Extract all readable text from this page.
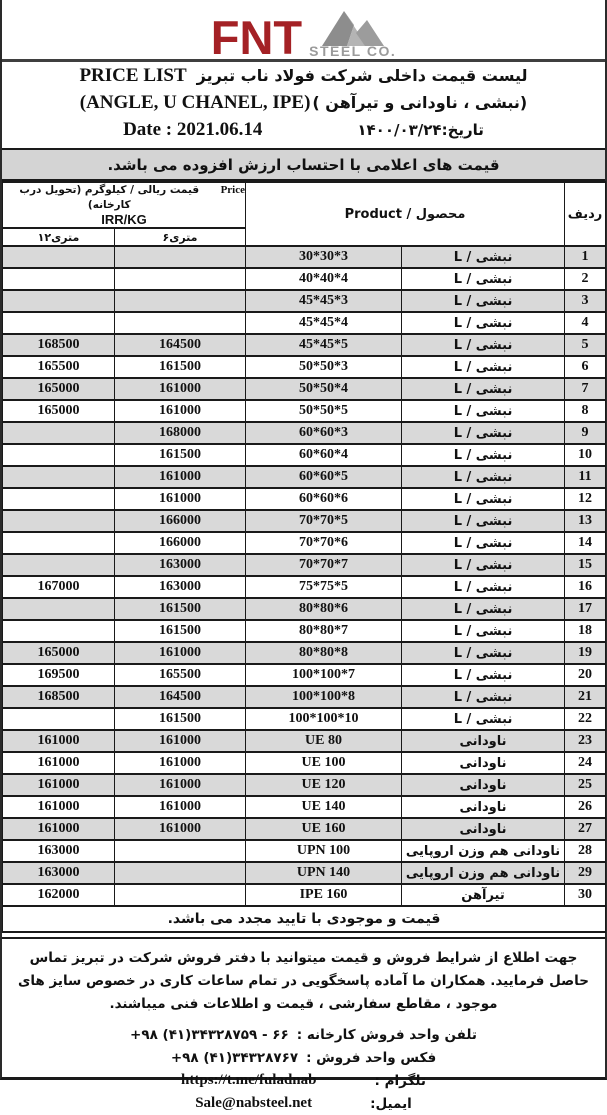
FNT STEEL CO.
PRICE LIST لیست قیمت داخلی شرکت فولاد ناب تبریز
(ANGLE, U CHANEL, IPE) (نبشی ، ناودانی و تیرآهن )
Date : 2021.06.14	تاریخ:۱۴۰۰/۰۳/۲۴
قیمت های اعلامی با احتساب ارزش افزوده می باشد.
قیمت ریالی / کیلوگرم (تحویل درب کارخانه)
Price
IRR/KG		محصول / Product		ردیف
۱۲متری	۶متری			
		30*30*3	نبشی / L	1
		40*40*4	نبشی / L	2
		45*45*3	نبشی / L	3
		45*45*4	نبشی / L	4
168500	164500	45*45*5	نبشی / L	5
165500	161500	50*50*3	نبشی / L	6
165000	161000	50*50*4	نبشی / L	7
165000	161000	50*50*5	نبشی / L	8
	168000	60*60*3	نبشی / L	9
	161500	60*60*4	نبشی / L	10
	161000	60*60*5	نبشی / L	11
	161000	60*60*6	نبشی / L	12
	166000	70*70*5	نبشی / L	13
	166000	70*70*6	نبشی / L	14
	163000	70*70*7	نبشی / L	15
167000	163000	75*75*5	نبشی / L	16
	161500	80*80*6	نبشی / L	17
	161500	80*80*7	نبشی / L	18
165000	161000	80*80*8	نبشی / L	19
169500	165500	100*100*7	نبشی / L	20
168500	164500	100*100*8	نبشی / L	21
	161500	100*100*10	نبشی / L	22
161000	161000	UE 80	ناودانی	23
161000	161000	UE 100	ناودانی	24
161000	161000	UE 120	ناودانی	25
161000	161000	UE 140	ناودانی	26
161000	161000	UE 160	ناودانی	27
163000		UPN 100	ناودانی هم وزن اروپایی	28
163000		UPN 140	ناودانی هم وزن اروپایی	29
162000		IPE 160	تیرآهن	30
قیمت و موجودی با تایید مجدد می باشد.				
جهت اطلاع از شرایط فروش و قیمت میتوانید با دفتر فروش شرکت در تبریز تماس حاصل فرمایید. همکاران ما آماده پاسخگویی در تمام ساعات کاری در خصوص سایز های موجود ، مقاطع سفارشی ، قیمت و اطلاعات فنی میباشند.
+۹۸ (۴۱)۳۴۳۲۸۷۵۹ - ۶۶ تلفن واحد فروش کارخانه :
+۹۸ (۴۱)۳۴۳۲۸۷۶۷ فکس واحد فروش :
https://t.me/fuladnab	تلگرام :
Sale@nabsteel.net	ایمیل:
